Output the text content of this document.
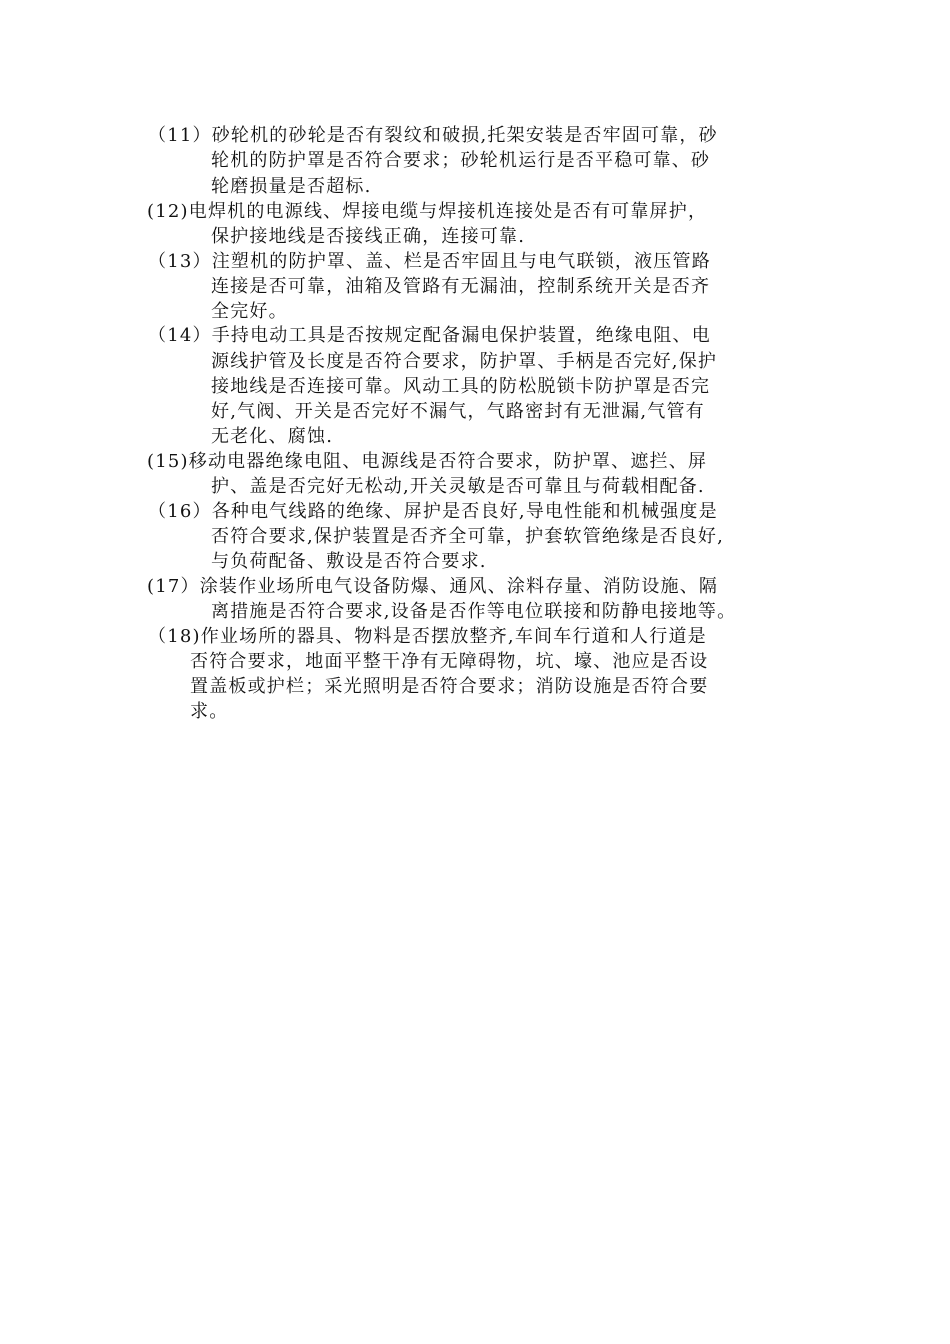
（11）砂轮机的砂轮是否有裂纹和破损,托架安装是否牢固可靠，砂
轮机的防护罩是否符合要求；砂轮机运行是否平稳可靠、砂
轮磨损量是否超标.
(12)电焊机的电源线、焊接电缆与焊接机连接处是否有可靠屏护，
保护接地线是否接线正确，连接可靠.
（13）注塑机的防护罩、盖、栏是否牢固且与电气联锁，液压管路
连接是否可靠，油箱及管路有无漏油，控制系统开关是否齐
全完好。
（14）手持电动工具是否按规定配备漏电保护装置，绝缘电阻、电
源线护管及长度是否符合要求，防护罩、手柄是否完好,保护
接地线是否连接可靠。风动工具的防松脱锁卡防护罩是否完
好,气阀、开关是否完好不漏气，气路密封有无泄漏,气管有
无老化、腐蚀.
(15)移动电器绝缘电阻、电源线是否符合要求，防护罩、遮拦、屏
护、盖是否完好无松动,开关灵敏是否可靠且与荷载相配备.
（16）各种电气线路的绝缘、屏护是否良好,导电性能和机械强度是
否符合要求,保护装置是否齐全可靠，护套软管绝缘是否良好,
与负荷配备、敷设是否符合要求.
(17）涂装作业场所电气设备防爆、通风、涂料存量、消防设施、隔
离措施是否符合要求,设备是否作等电位联接和防静电接地等。
（18)作业场所的器具、物料是否摆放整齐,车间车行道和人行道是
否符合要求，地面平整干净有无障碍物，坑、壕、池应是否设
置盖板或护栏；采光照明是否符合要求；消防设施是否符合要
求。
